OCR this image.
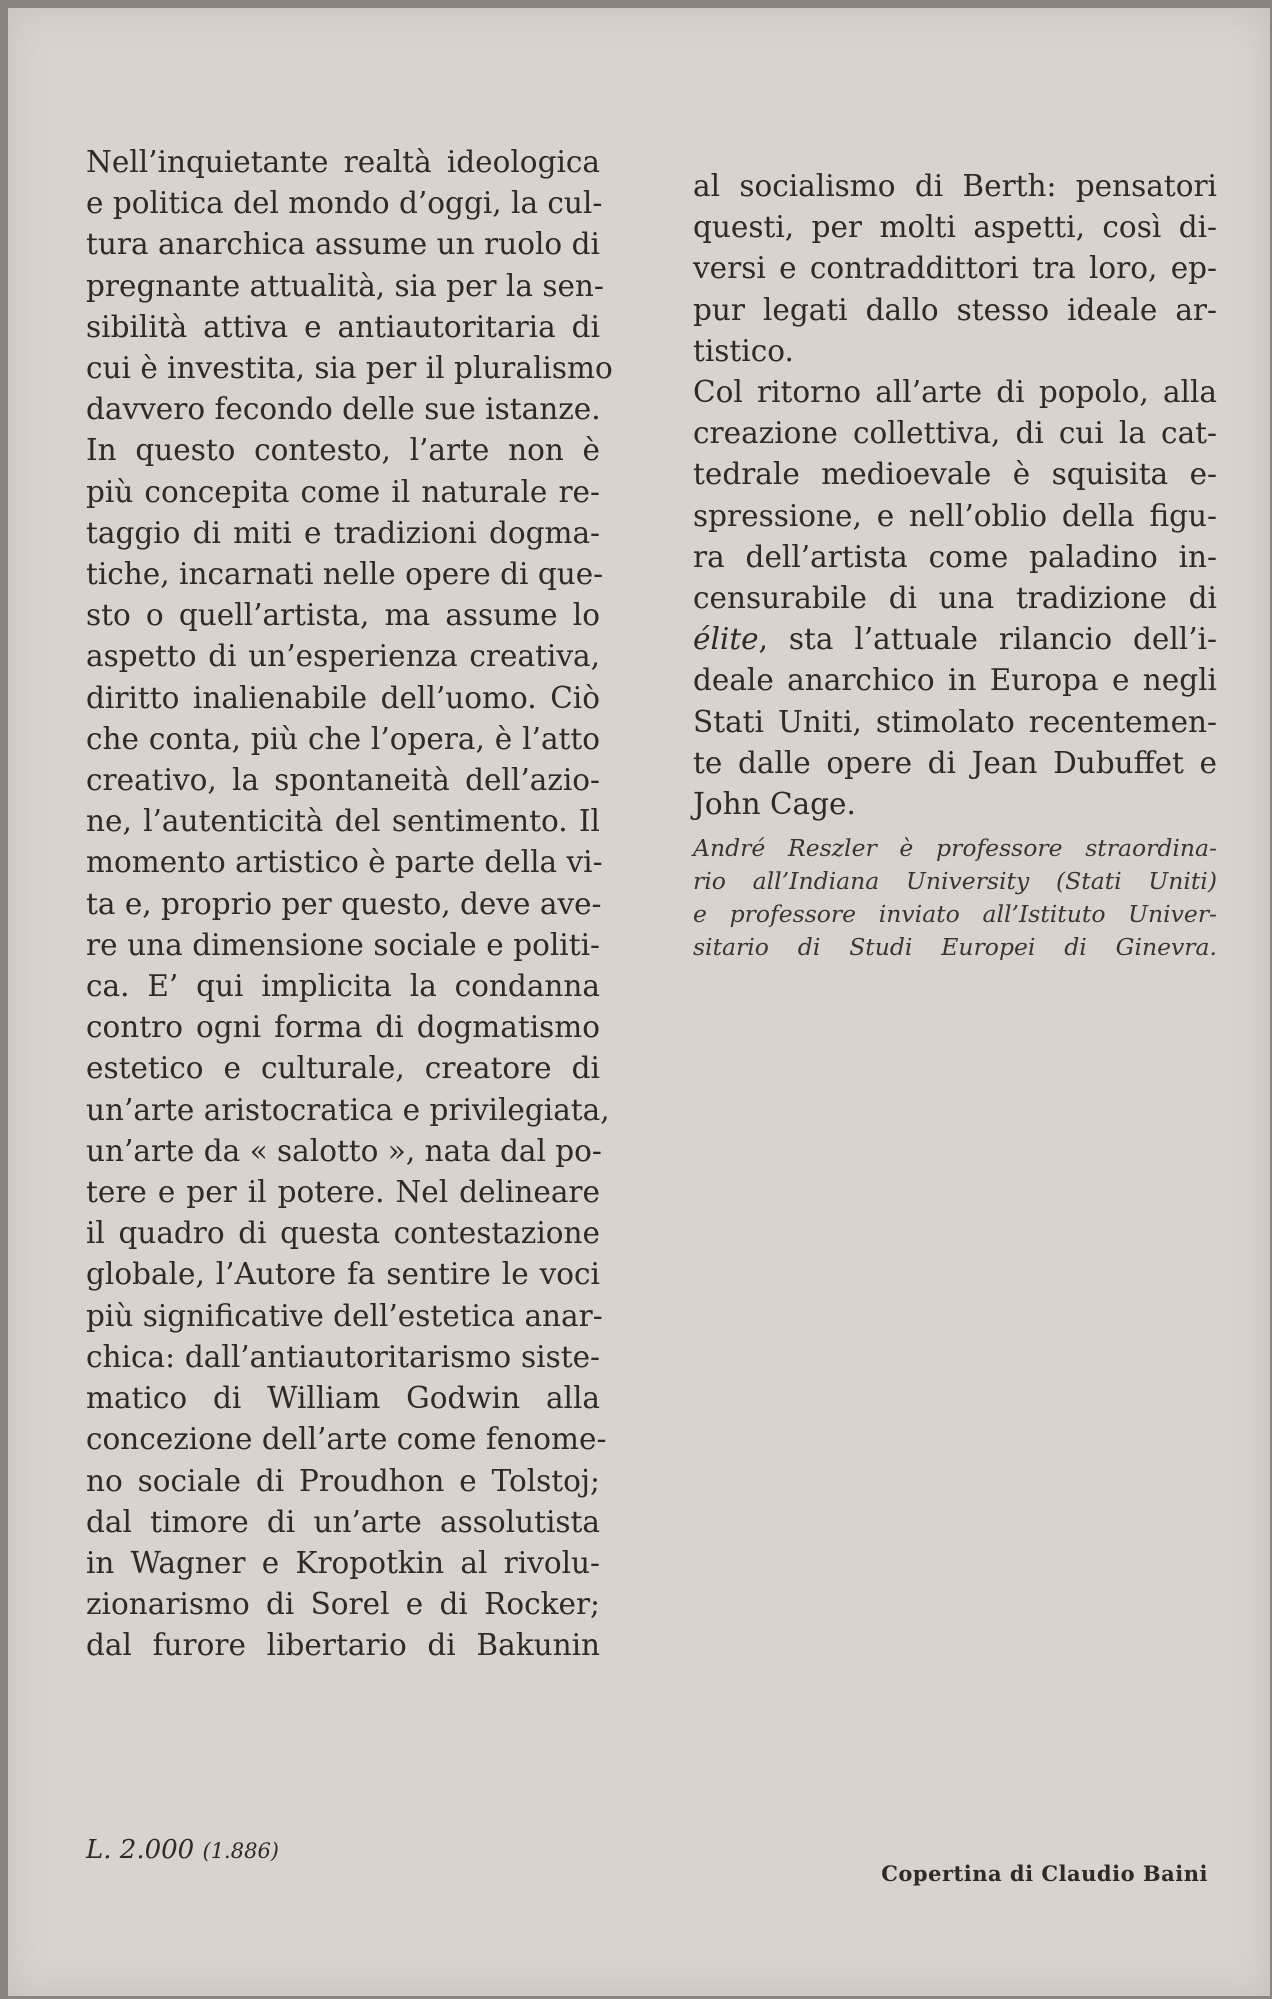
Nell’inquietante realtà ideologica
e politica del mondo d’oggi, la cul-
tura anarchica assume un ruolo di
pregnante attualità, sia per la sen-
sibilità attiva e antiautoritaria di
cui è investita, sia per il pluralismo
davvero fecondo delle sue istanze.
In questo contesto, l’arte non è
più concepita come il naturale re-
taggio di miti e tradizioni dogma-
tiche, incarnati nelle opere di que-
sto o quell’artista, ma assume lo
aspetto di un’esperienza creativa,
diritto inalienabile dell’uomo. Ciò
che conta, più che l’opera, è l’atto
creativo, la spontaneità dell’azio-
ne, l’autenticità del sentimento. Il
momento artistico è parte della vi-
ta e, proprio per questo, deve ave-
re una dimensione sociale e politi-
ca. E’ qui implicita la condanna
contro ogni forma di dogmatismo
estetico e culturale, creatore di
un’arte aristocratica e privilegiata,
un’arte da « salotto », nata dal po-
tere e per il potere. Nel delineare
il quadro di questa contestazione
globale, l’Autore fa sentire le voci
più significative dell’estetica anar-
chica: dall’antiautoritarismo siste-
matico di William Godwin alla
concezione dell’arte come fenome-
no sociale di Proudhon e Tolstoj;
dal timore di un’arte assolutista
in Wagner e Kropotkin al rivolu-
zionarismo di Sorel e di Rocker;
dal furore libertario di Bakunin
al socialismo di Berth: pensatori
questi, per molti aspetti, così di-
versi e contraddittori tra loro, ep-
pur legati dallo stesso ideale ar-
tistico.
Col ritorno all’arte di popolo, alla
creazione collettiva, di cui la cat-
tedrale medioevale è squisita e-
spressione, e nell’oblio della figu-
ra dell’artista come paladino in-
censurabile di una tradizione di
élite, sta l’attuale rilancio dell’i-
deale anarchico in Europa e negli
Stati Uniti, stimolato recentemen-
te dalle opere di Jean Dubuffet e
John Cage.
André Reszler è professore straordina-
rio all’Indiana University (Stati Uniti)
e professore inviato all’Istituto Univer-
sitario di Studi Europei di Ginevra.
L. 2.000 (1.886)
Copertina di Claudio Baini
